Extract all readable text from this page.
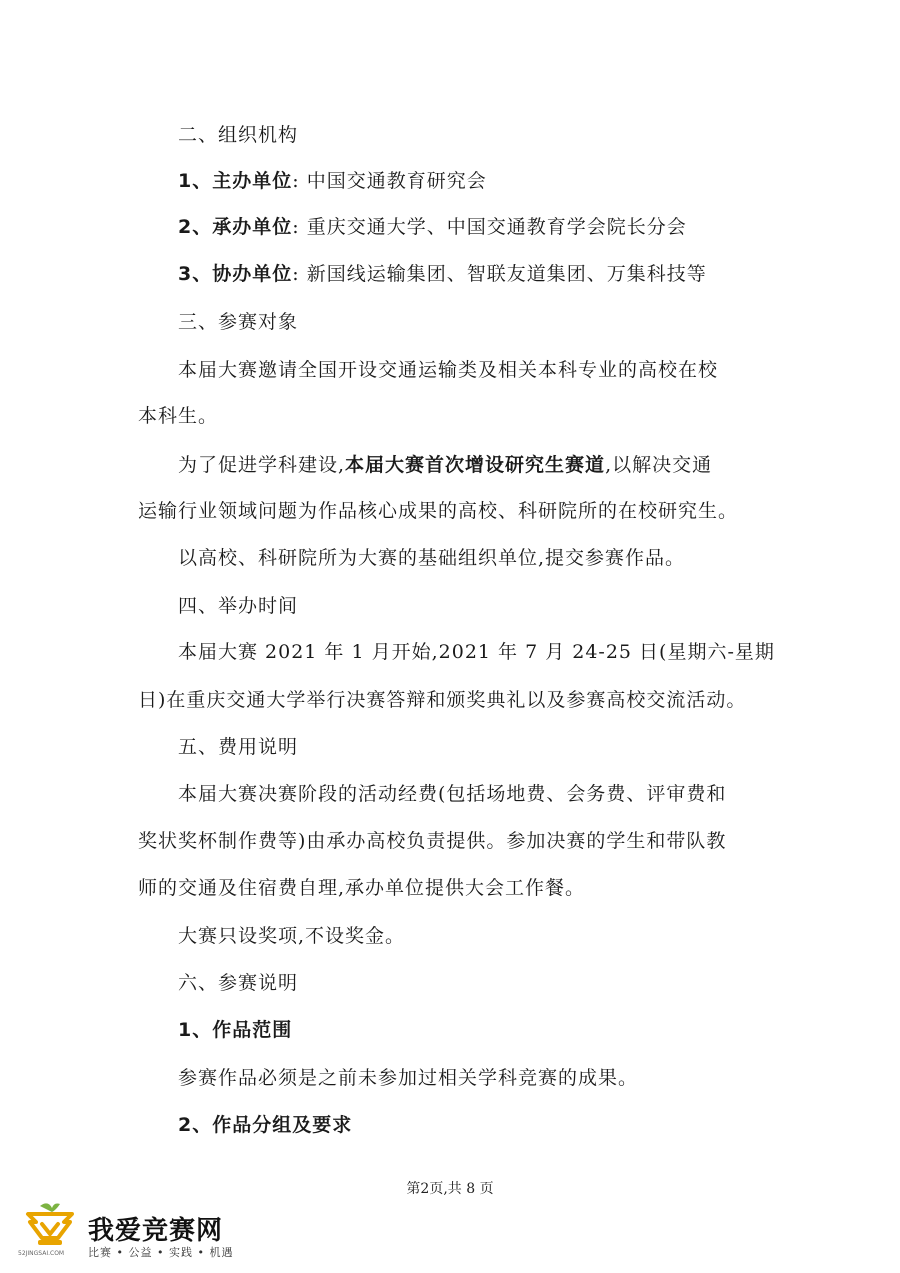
二、组织机构
1、主办单位: 中国交通教育研究会
2、承办单位: 重庆交通大学、中国交通教育学会院长分会
3、协办单位: 新国线运输集团、智联友道集团、万集科技等
三、参赛对象
本届大赛邀请全国开设交通运输类及相关本科专业的高校在校
本科生。
为了促进学科建设,本届大赛首次增设研究生赛道,以解决交通
运输行业领域问题为作品核心成果的高校、科研院所的在校研究生。
以高校、科研院所为大赛的基础组织单位,提交参赛作品。
四、举办时间
本届大赛 2021 年 1 月开始,2021 年 7 月 24-25 日(星期六-星期
日)在重庆交通大学举行决赛答辩和颁奖典礼以及参赛高校交流活动。
五、费用说明
本届大赛决赛阶段的活动经费(包括场地费、会务费、评审费和
奖状奖杯制作费等)由承办高校负责提供。参加决赛的学生和带队教
师的交通及住宿费自理,承办单位提供大会工作餐。
大赛只设奖项,不设奖金。
六、参赛说明
1、作品范围
参赛作品必须是之前未参加过相关学科竞赛的成果。
2、作品分组及要求
第2页,共 8 页
52JINGSAI.COM
我爱竞赛网
比赛 • 公益 • 实践 • 机遇
